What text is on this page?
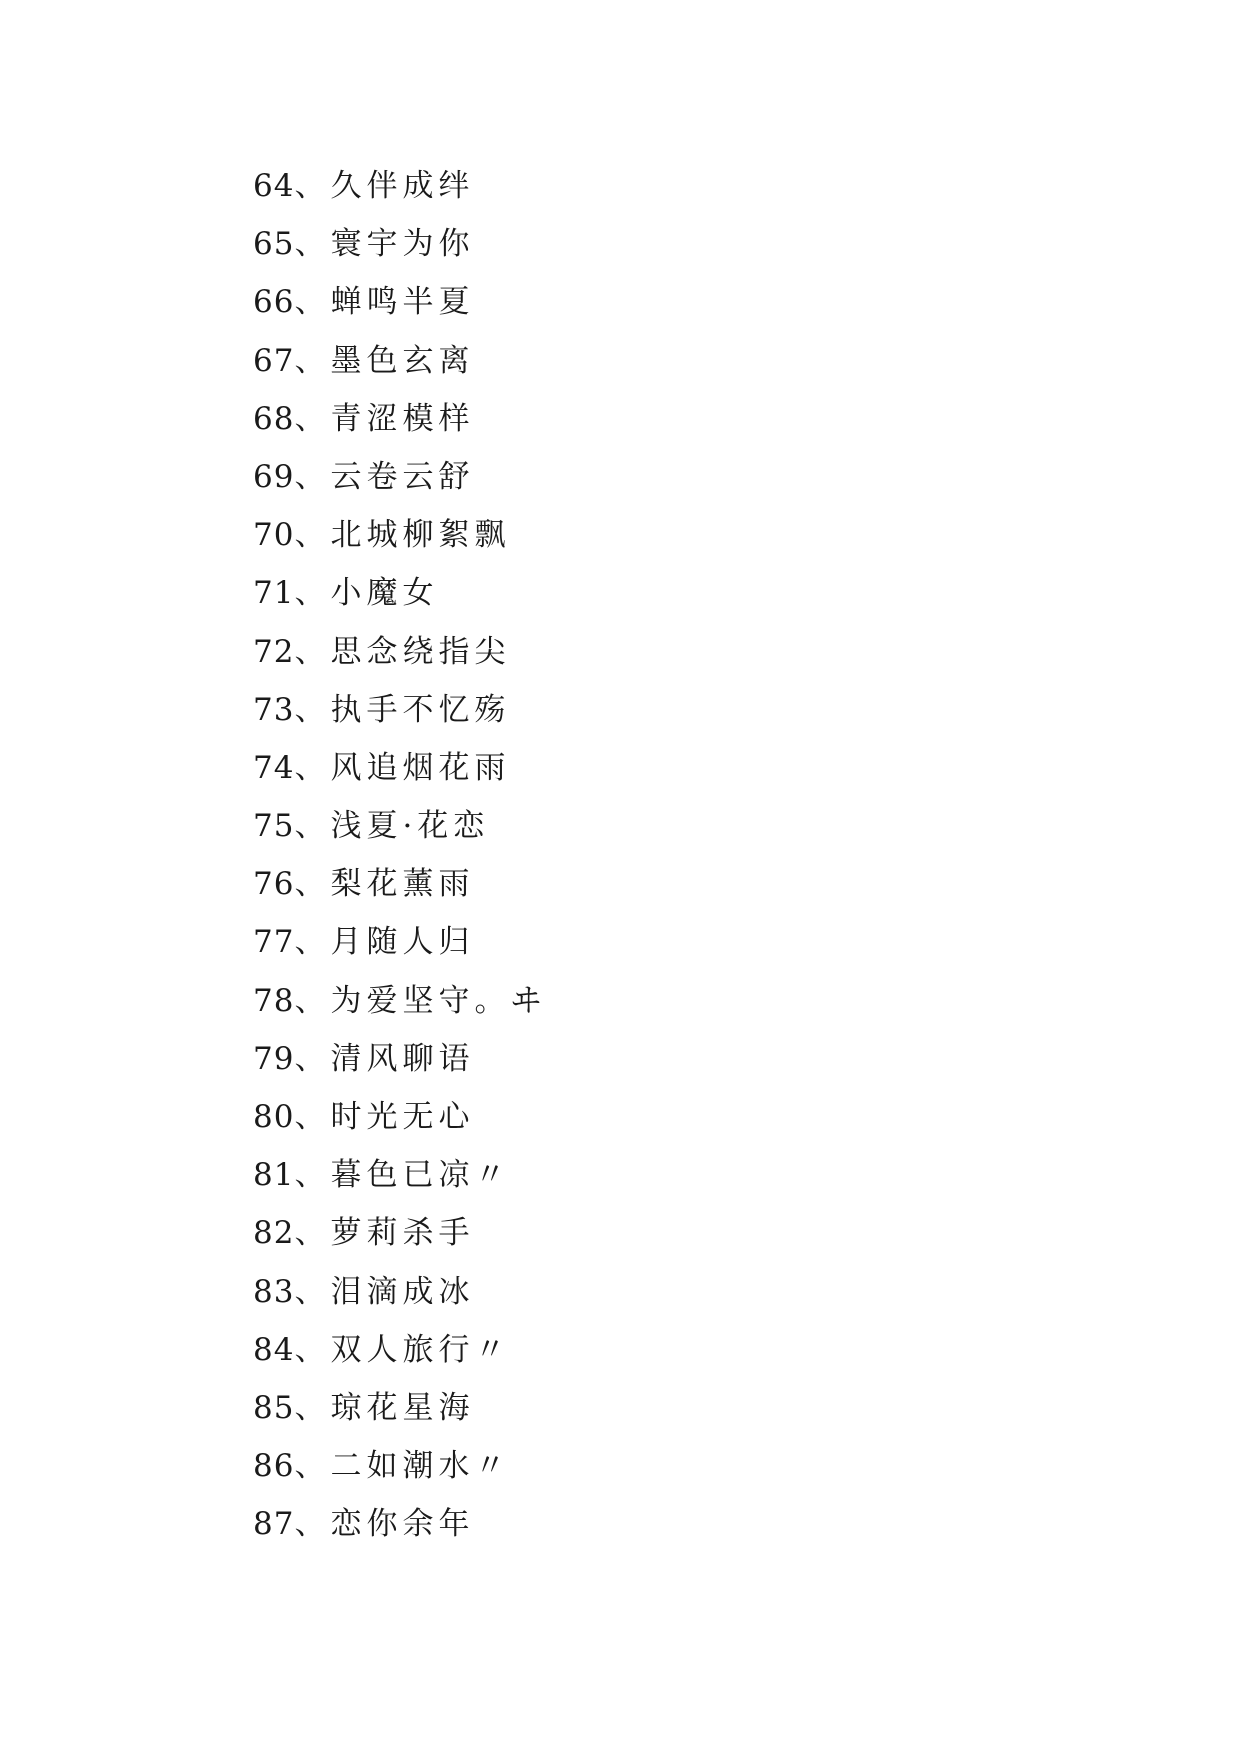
64、 久伴成绊
65、 寰宇为你
66、 蝉鸣半夏
67、 墨色玄离
68、 青涩模样
69、 云卷云舒
70、 北城柳絮飘
71、 小魔女
72、 思念绕指尖
73、 执手不忆殇
74、 风追烟花雨
75、 浅夏·花恋
76、 梨花薰雨
77、 月随人归
78、 为爱坚守。ヰ
79、 清风聊语
80、 时光无心
81、 暮色已凉〃
82、 萝莉杀手
83、 泪滴成冰
84、 双人旅行〃
85、 琼花星海
86、 二如潮水〃
87、 恋你余年
